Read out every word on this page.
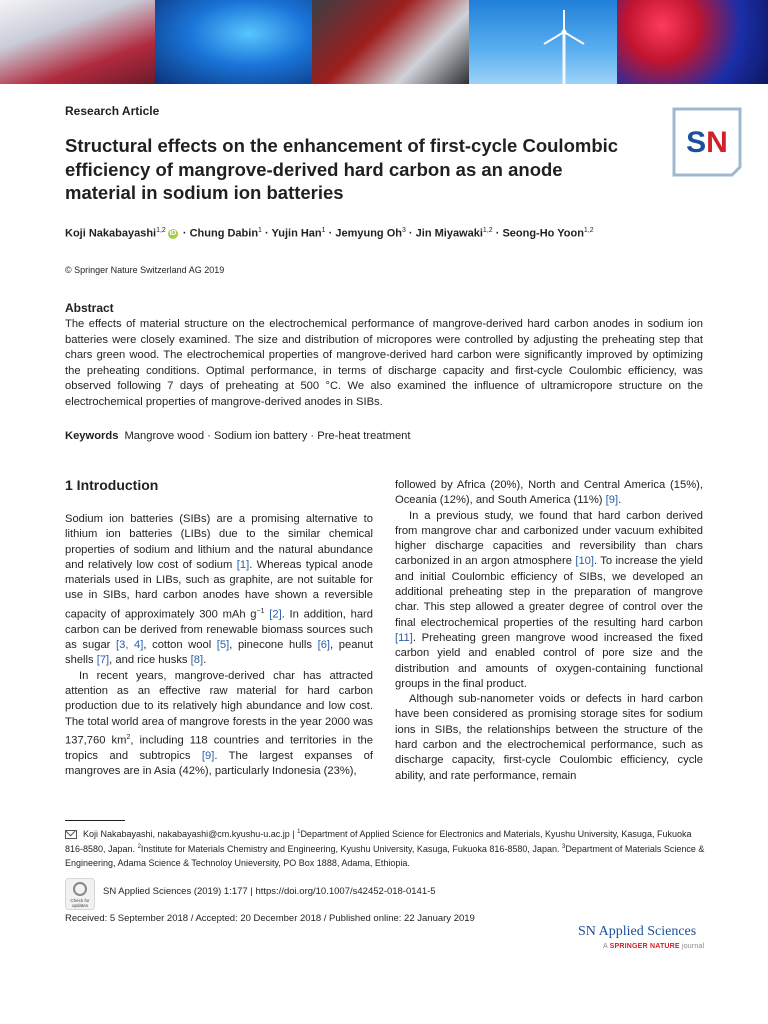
Research Article
Structural effects on the enhancement of first-cycle Coulombic efficiency of mangrove-derived hard carbon as an anode material in sodium ion batteries
SN
Koji Nakabayashi$^{1,2}$ iD · Chung Dabin$^1$ · Yujin Han$^1$ · Jemyung $Oh^3$ · Jin Miyawaki$^{1,2}$ · Seong-Ho Yoon$^{1,2}$
© Springer Nature Switzerland AG 2019
Abstract
The effects of material structure on the electrochemical performance of mangrove-derived hard carbon anodes in sodium ion batteries were closely examined. The size and distribution of micropores were controlled by adjusting the preheating step that chars green wood. The electrochemical properties of mangrove-derived hard carbon were significantly improved by optimizing the preheating conditions. Optimal performance, in terms of discharge capacity and first-cycle Coulombic efficiency, was observed following 7 days of preheating at 500 °C. We also examined the influence of ultramicropore structure on the electrochemical properties of mangrove-derived anodes in SIBs.
Keywords Mangrove wood · Sodium ion battery · Pre-heat treatment
1 Introduction

Sodium ion batteries (SIBs) are a promising alternative to lithium ion batteries (LIBs) due to the similar chemical properties of sodium and lithium and the natural abundance and relatively low cost of sodium [1]. Whereas typical anode materials used in LIBs, such as graphite, are not suitable for use in SIBs, hard carbon anodes have shown a reversible capacity of approximately 300 mAh $g^{-1}$ [2]. In addition, hard carbon can be derived from renewable biomass sources such as sugar [3, 4], cotton wool [5], pinecone hulls [6], peanut shells [7], and rice husks [8].

In recent years, mangrove-derived char has attracted attention as an effective raw material for hard carbon production due to its relatively high abundance and low cost. The total world area of mangrove forests in the year 2000 was 137,760 $km^2$, including 118 countries and territories in the tropics and subtropics [9]. The largest expanses of mangroves are in Asia (42%), particularly Indonesia (23%),

followed by Africa (20%), North and Central America (15%), Oceania (12%), and South America (11%) [9].

In a previous study, we found that hard carbon derived from mangrove char and carbonized under vacuum exhibited higher discharge capacities and reversibility than chars carbonized in an argon atmosphere [10]. To increase the yield and initial Coulombic efficiency of SIBs, we developed an additional preheating step in the preparation of mangrove char. This step allowed a greater degree of control over the final electrochemical properties of the resulting hard carbon [11]. Preheating green mangrove wood increased the fixed carbon yield and enabled control of pore size and the distribution and amounts of oxygen-containing functional groups in the final product.

Although sub-nanometer voids or defects in hard carbon have been considered as promising storage sites for sodium ions in SIBs, the relationships between the structure of the hard carbon and the electrochemical performance, such as discharge capacity, first-cycle Coulombic efficiency, cycle ability, and rate performance, remain

Koji Nakabayashi, nakabayashi@cm.kyushu-u.ac.jp | $^1$Department of Applied Science for Electronics and Materials, Kyushu University, Kasuga, Fukuoka 816-8580, Japan. $^2$Institute for Materials Chemistry and Engineering, Kyushu University, Kasuga, Fukuoka 816-8580, Japan. $^3$Department of Materials Science & Engineering, Adama Science & Technoloy Unieversity, PO Box 1888, Adama, Ethiopia.
Check for
updates
SN Applied Sciences (2019) 1:177 | https://doi.org/10.1007/s42452-018-0141-5
Received: 5 September 2018 / Accepted: 20 December 2018 / Published online: 22 January 2019
SN Applied Sciences
A SPRINGER NATURE journal
